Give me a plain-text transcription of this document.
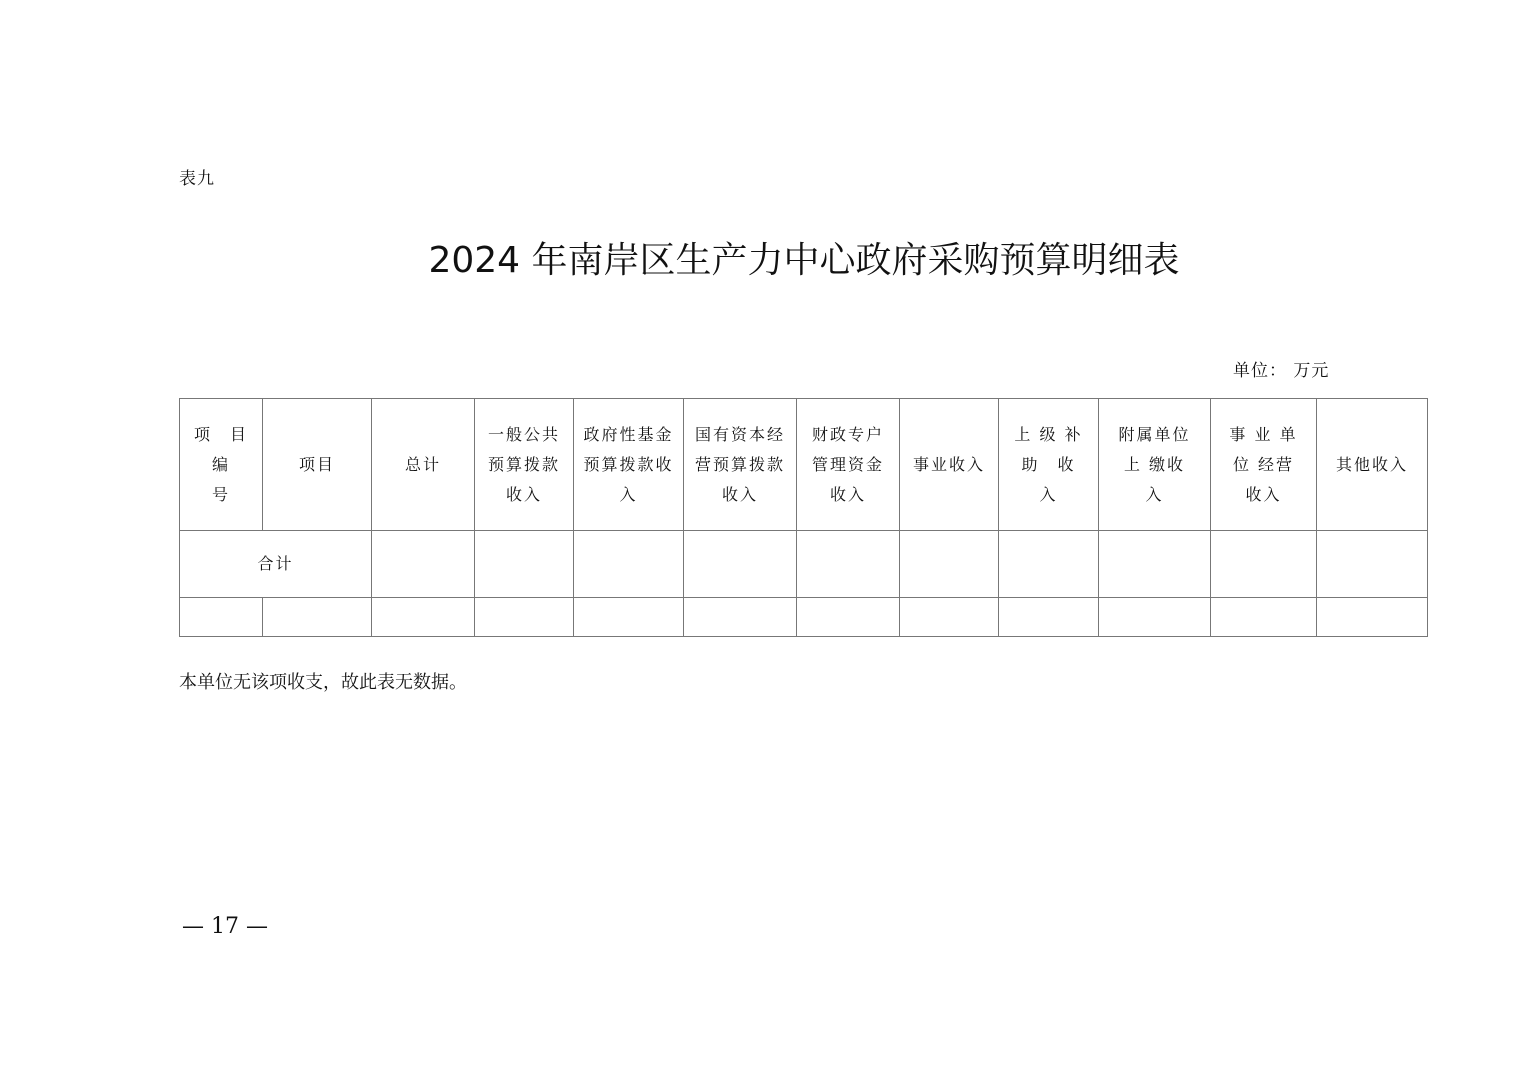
表九
2024 年南岸区生产力中心政府采购预算明细表
单位： 万元
项　目
编
号	项目	总计	一般公共
预算拨款
收入	政府性基金
预算拨款收
入	国有资本经
营预算拨款
收入	财政专户
管理资金
收入	事业收入	上 级 补
助　收
入	附属单位
上 缴收
入	事 业 单
位 经营
收入	其他收入
合计											

本单位无该项收支，故此表无数据。
— 17 —
